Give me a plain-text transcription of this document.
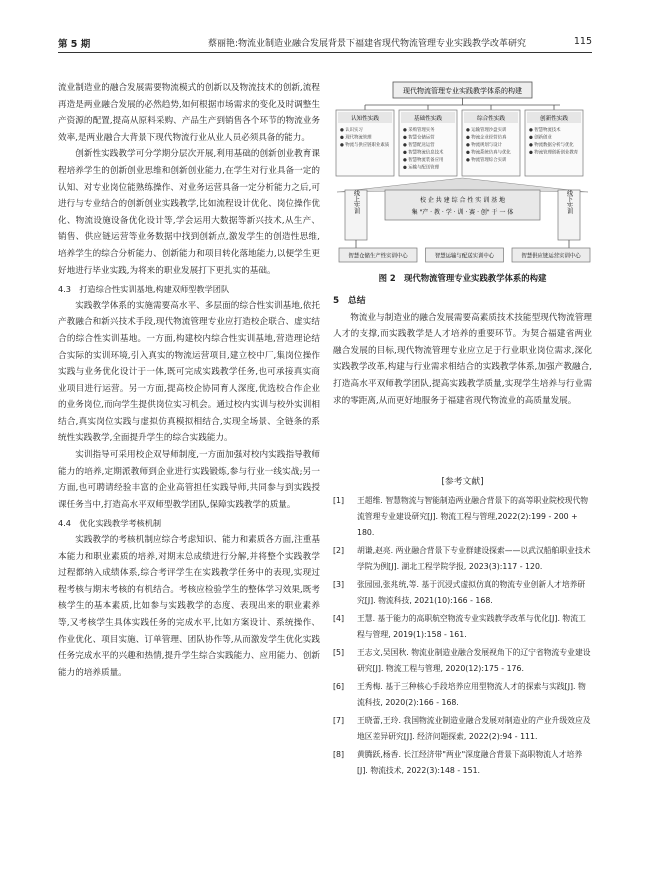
第 5 期	蔡丽艳:物流业制造业融合发展背景下福建省现代物流管理专业实践教学改革研究	115

流业制造业的融合发展需要物流模式的创新以及物流技术的创新,流程再造是两业融合发展的必然趋势,如何根据市场需求的变化及时调整生产资源的配置,提高从原料采购、产品生产到销售各个环节的物流业务效率,是两业融合大背景下现代物流行业从业人员必须具备的能力。

创新性实践教学可分学期分层次开展,利用基础的创新创业教育课程培养学生的创新创业思维和创新创业能力,在学生对行业具备一定的认知、对专业岗位能熟练操作、对业务运营具备一定分析能力之后,可进行与专业结合的创新创业实践教学,比如流程设计优化、岗位操作优化、物流设施设备优化设计等,学会运用大数据等新兴技术,从生产、销售、供应链运营等业务数据中找到创新点,激发学生的创造性思维,培养学生的综合分析能力、创新能力和项目转化落地能力,以便学生更好地进行毕业实践,为将来的职业发展打下更扎实的基础。

4.3　打造综合性实训基地,构建双师型教学团队

实践教学体系的实施需要高水平、多层面的综合性实训基地,依托产教融合和新兴技术手段,现代物流管理专业应打造校企联合、虚实结合的综合性实训基地。一方面,构建校内综合性实训基地,营造理论结合实际的实训环境,引入真实的物流运营项目,建立校中厂,集岗位操作实践与业务优化设计于一体,既可完成实践教学任务,也可承接真实商业项目进行运营。另一方面,提高校企协同育人深度,优选校合作企业的业务岗位,而向学生提供岗位实习机会。通过校内实训与校外实训相结合,真实岗位实践与虚拟仿真模拟相结合,实现全场景、全链条的系统性实践教学,全面提升学生的综合实践能力。

实训指导可采用校企双导师制度,一方面加强对校内实践指导教师能力的培养,定期派教师到企业进行实践锻炼,参与行业一线实战;另一方面,也可聘请经验丰富的企业高管担任实践导师,共同参与到实践授课任务当中,打造高水平双师型教学团队,保障实践教学的质量。

4.4　优化实践教学考核机制

实践教学的考核机制应综合考虑知识、能力和素质各方面,注重基本能力和职业素质的培养,对期末总成绩进行分解,并将整个实践教学过程都纳入成绩体系,综合考评学生在实践教学任务中的表现,实现过程考核与期末考核的有机结合。考核应检验学生的整体学习效果,既考核学生的基本素质,比如参与实践教学的态度、表现出来的职业素养等,又考核学生具体实践任务的完成水平,比如方案设计、系统操作、作业优化、项目实施、订单管理、团队协作等,从而激发学生优化实践任务完成水平的兴趣和热情,提升学生综合实践能力、应用能力、创新能力的培养质量。

现代物流管理专业实践教学体系的构建
认知性实践
● 认识实习
● 现代物流管理
● 物流与供应链职业素质
基础性实践
● 采购管理实务
● 智慧仓储运营
● 智慧配送运营
● 智慧物流信息技术
● 智慧物流装备应用
● 运输与配送管理
综合性实践
● 运输管理沙盘实训
● 物流企业经营仿真
● 物流规划与设计
● 物流系统仿真与优化
● 物流管理综合实训
创新性实践
● 智慧物流技术
● 创新创业
● 物流数据分析与优化
● 物流管理创新创业教育
校 企 共 建 综 合 性 实 训 基 地
集 "产 · 教 · 学 · 训 · 赛 · 创" 于 一 体
线上实训	线下实训
智慧仓储生产性实训中心	智慧运输与配送实训中心	智慧供应链运营实训中心
图 2　现代物流管理专业实践教学体系的构建
5　总结

物流业与制造业的融合发展需要高素质技术技能型现代物流管理人才的支撑,而实践教学是人才培养的重要环节。为契合福建省两业融合发展的目标,现代物流管理专业应立足于行业职业岗位需求,深化实践教学改革,构建与行业需求相结合的实践教学体系,加强产教融合,打造高水平双师教学团队,提高实践教学质量,实现学生培养与行业需求的零距离,从而更好地服务于福建省现代物流业的高质量发展。

[参考文献]
[1] 王超维. 智慧物流与智能制造两业融合背景下的高等职业院校现代物流管理专业建设研究[J]. 物流工程与管理,2022(2):199 - 200 + 180.
[2] 胡谦,赵亮. 两业融合背景下专业群建设探索——以武汉船舶职业技术学院为例[J]. 湖北工程学院学报, 2023(3):117 - 120.
[3] 张园园,张兆统,等. 基于沉浸式虚拟仿真的物流专业创新人才培养研究[J]. 物流科技, 2021(10):166 - 168.
[4] 王慧. 基于能力的高职航空物流专业实践教学改革与优化[J]. 物流工程与管理, 2019(1):158 - 161.
[5] 王志文,吴国秋. 物流业制造业融合发展视角下的辽宁省物流专业建设研究[J]. 物流工程与管理, 2020(12):175 - 176.
[6] 王秀梅. 基于三种核心手段培养应用型物流人才的探索与实践[J]. 物流科技, 2020(2):166 - 168.
[7] 王晓蕾,王玲. 我国物流业制造业融合发展对制造业的产业升级效应及地区差异研究[J]. 经济问题探索, 2022(2):94 - 111.
[8] 黄腾跃,杨香. 长江经济带"两业"深度融合背景下高职物流人才培养[J]. 物流技术, 2022(3):148 - 151.
